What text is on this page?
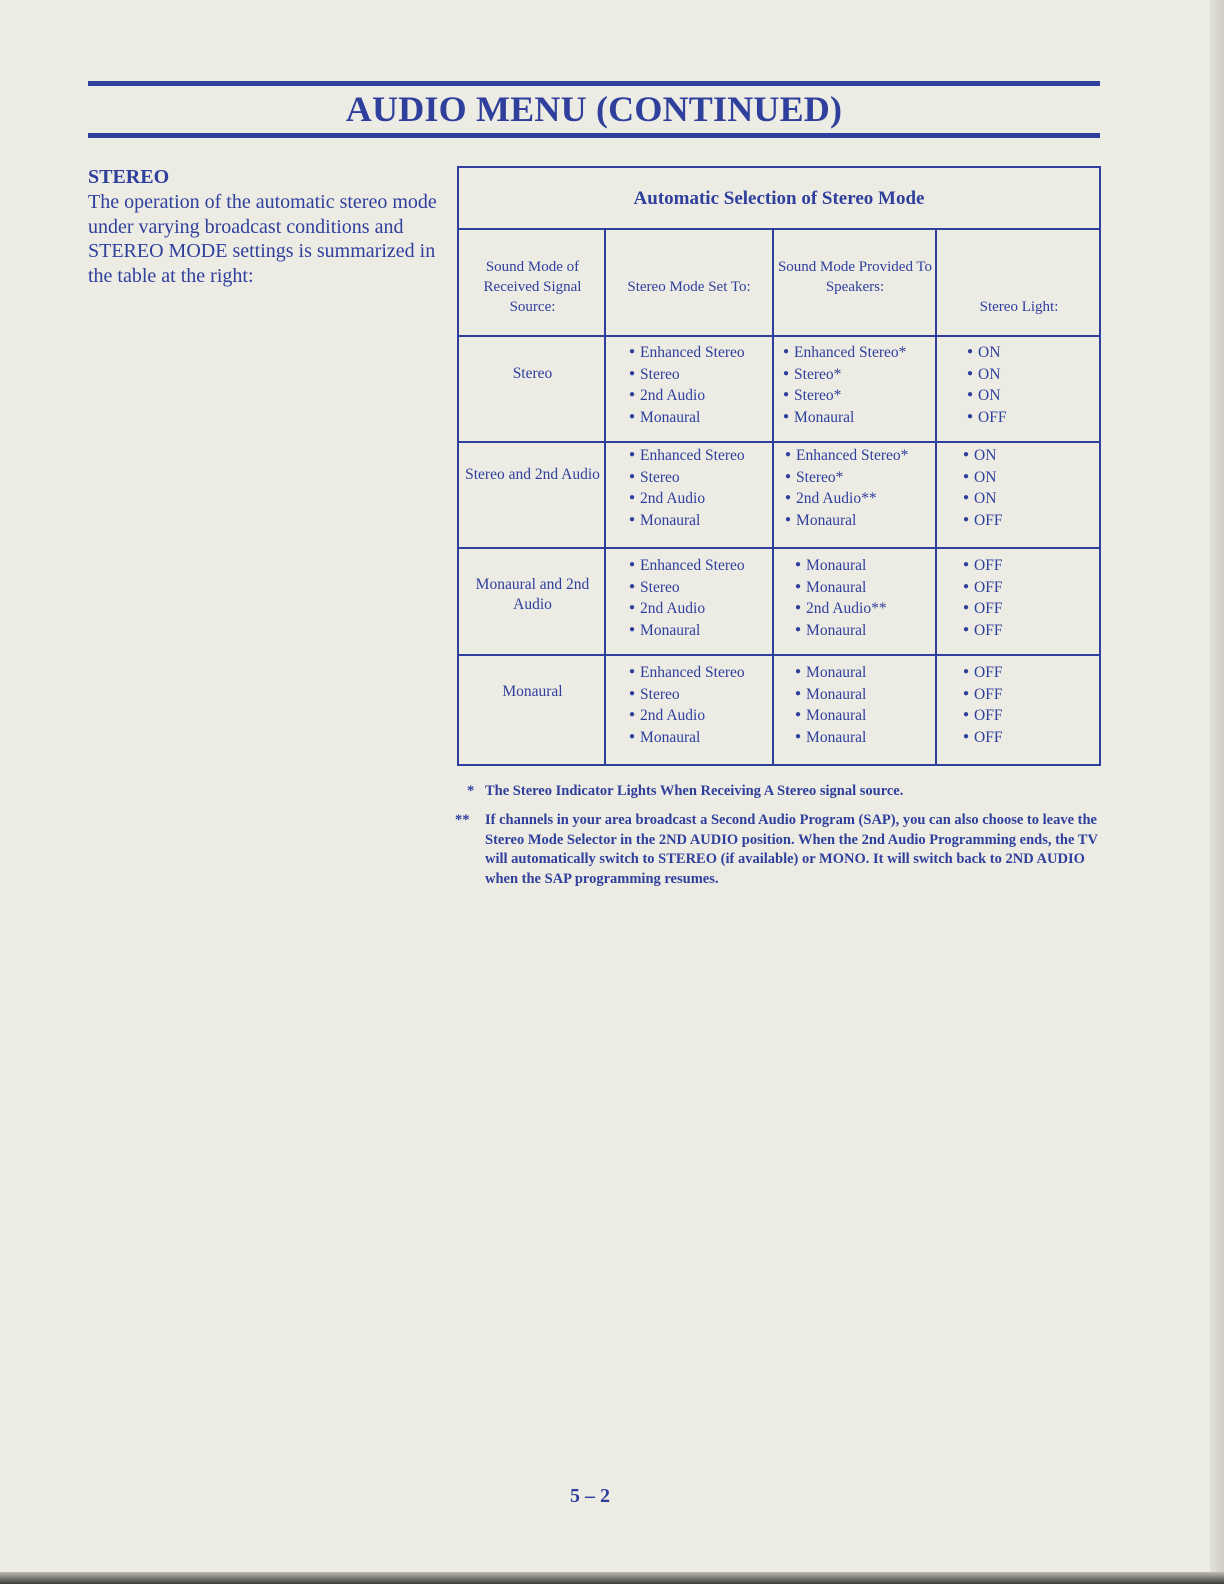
AUDIO MENU (CONTINUED)
STEREO

The operation of the automatic stereo mode under varying broadcast conditions and STEREO MODE settings is summarized in the table at the right:

Automatic Selection of Stereo Mode
Sound Mode of Received Signal Source:
Stereo Mode Set To:
Sound Mode Provided To Speakers:
Stereo Light:
Stereo
● Enhanced Stereo
● Stereo
● 2nd Audio
● Monaural
● Enhanced Stereo*
● Stereo*
● Stereo*
● Monaural
● ON
● ON
● ON
● OFF
Stereo and 2nd Audio
● Enhanced Stereo
● Stereo
● 2nd Audio
● Monaural
● Enhanced Stereo*
● Stereo*
● 2nd Audio**
● Monaural
● ON
● ON
● ON
● OFF
Monaural and 2nd Audio
● Enhanced Stereo
● Stereo
● 2nd Audio
● Monaural
● Monaural
● Monaural
● 2nd Audio**
● Monaural
● OFF
● OFF
● OFF
● OFF
Monaural
● Enhanced Stereo
● Stereo
● 2nd Audio
● Monaural
● Monaural
● Monaural
● Monaural
● Monaural
● OFF
● OFF
● OFF
● OFF

* The Stereo Indicator Lights When Receiving A Stereo signal source.

** If channels in your area broadcast a Second Audio Program (SAP), you can also choose to leave the Stereo Mode Selector in the 2ND AUDIO position. When the 2nd Audio Programming ends, the TV will automatically switch to STEREO (if available) or MONO. It will switch back to 2ND AUDIO when the SAP programming resumes.

5 – 2
